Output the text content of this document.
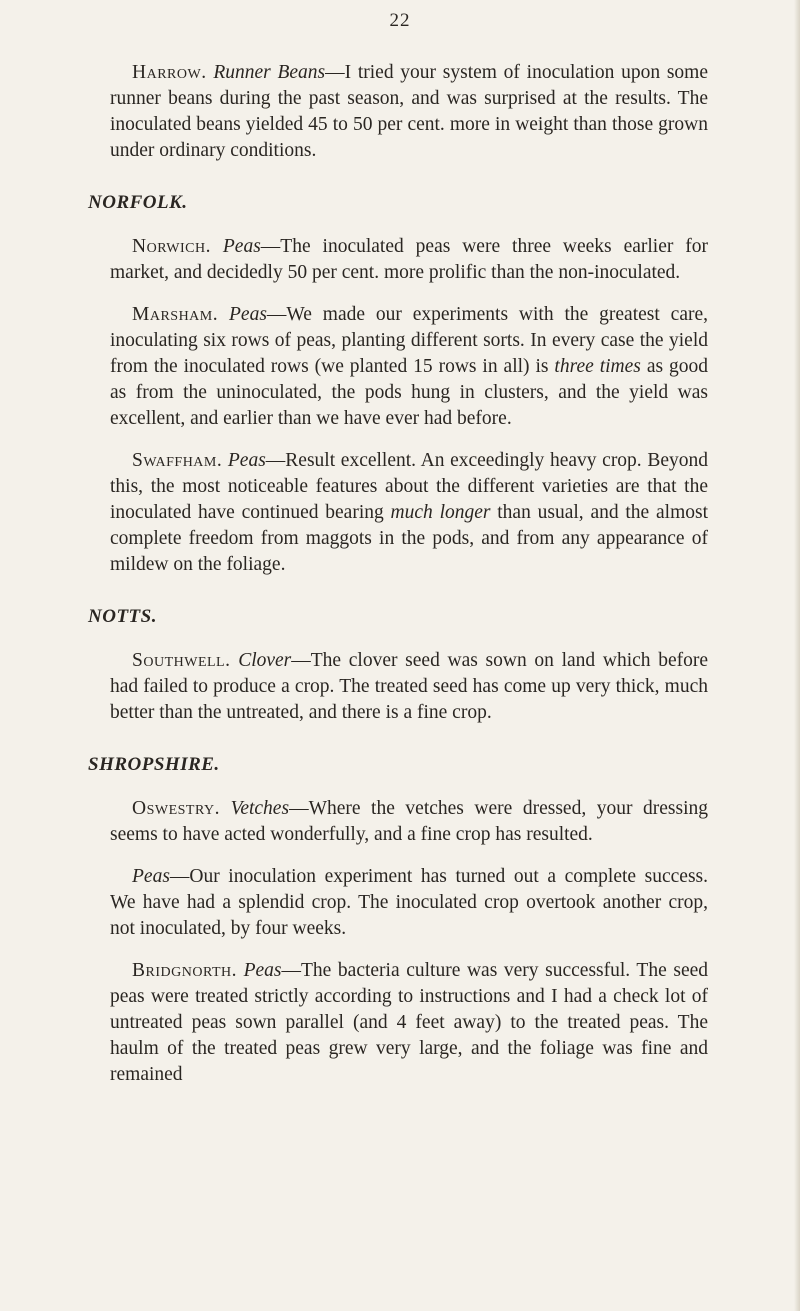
22

Harrow. Runner Beans—I tried your system of inoculation upon some runner beans during the past season, and was surprised at the results. The inoculated beans yielded 45 to 50 per cent. more in weight than those grown under ordinary conditions.

NORFOLK.

Norwich. Peas—The inoculated peas were three weeks earlier for market, and decidedly 50 per cent. more prolific than the non-inoculated.

Marsham. Peas—We made our experiments with the greatest care, inoculating six rows of peas, planting different sorts. In every case the yield from the inoculated rows (we planted 15 rows in all) is three times as good as from the uninoculated, the pods hung in clusters, and the yield was excellent, and earlier than we have ever had before.

Swaffham. Peas—Result excellent. An exceedingly heavy crop. Beyond this, the most noticeable features about the different varieties are that the inoculated have continued bearing much longer than usual, and the almost complete freedom from maggots in the pods, and from any appearance of mildew on the foliage.

NOTTS.

Southwell. Clover—The clover seed was sown on land which before had failed to produce a crop. The treated seed has come up very thick, much better than the untreated, and there is a fine crop.

SHROPSHIRE.

Oswestry. Vetches—Where the vetches were dressed, your dressing seems to have acted wonderfully, and a fine crop has resulted.

Peas—Our inoculation experiment has turned out a complete success. We have had a splendid crop. The inoculated crop overtook another crop, not inoculated, by four weeks.

Bridgnorth. Peas—The bacteria culture was very successful. The seed peas were treated strictly according to instructions and I had a check lot of untreated peas sown parallel (and 4 feet away) to the treated peas. The haulm of the treated peas grew very large, and the foliage was fine and remained
